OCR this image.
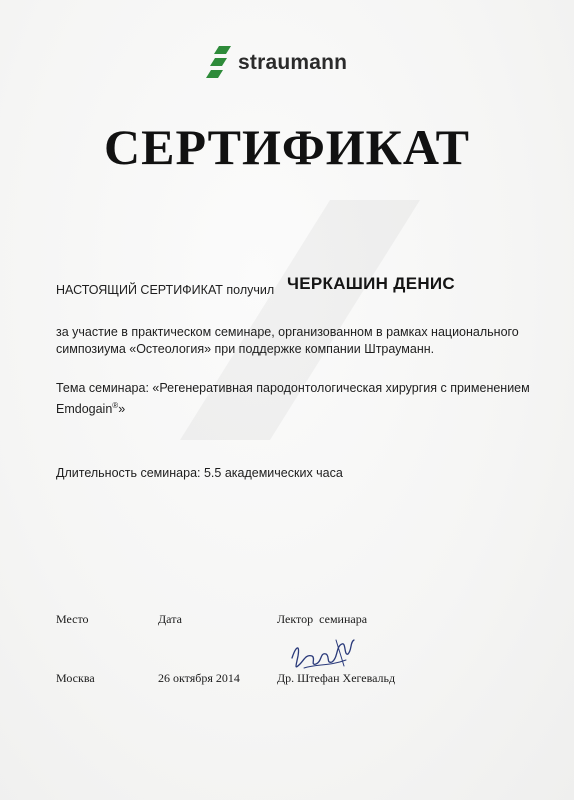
straumann
СЕРТИФИКАТ
НАСТОЯЩИЙ СЕРТИФИКАТ получил ЧЕРКАШИН ДЕНИС
за участие в практическом семинаре, организованном в рамках национального симпозиума «Остеология» при поддержке компании Штрауманн.
Тема семинара: «Регенеративная пародонтологическая хирургия с применением Emdogain®»
Длительность семинара: 5.5 академических часа
Место	Дата	Лектор  семинара
Москва	26 октября 2014	Др. Штефан Хегевальд
